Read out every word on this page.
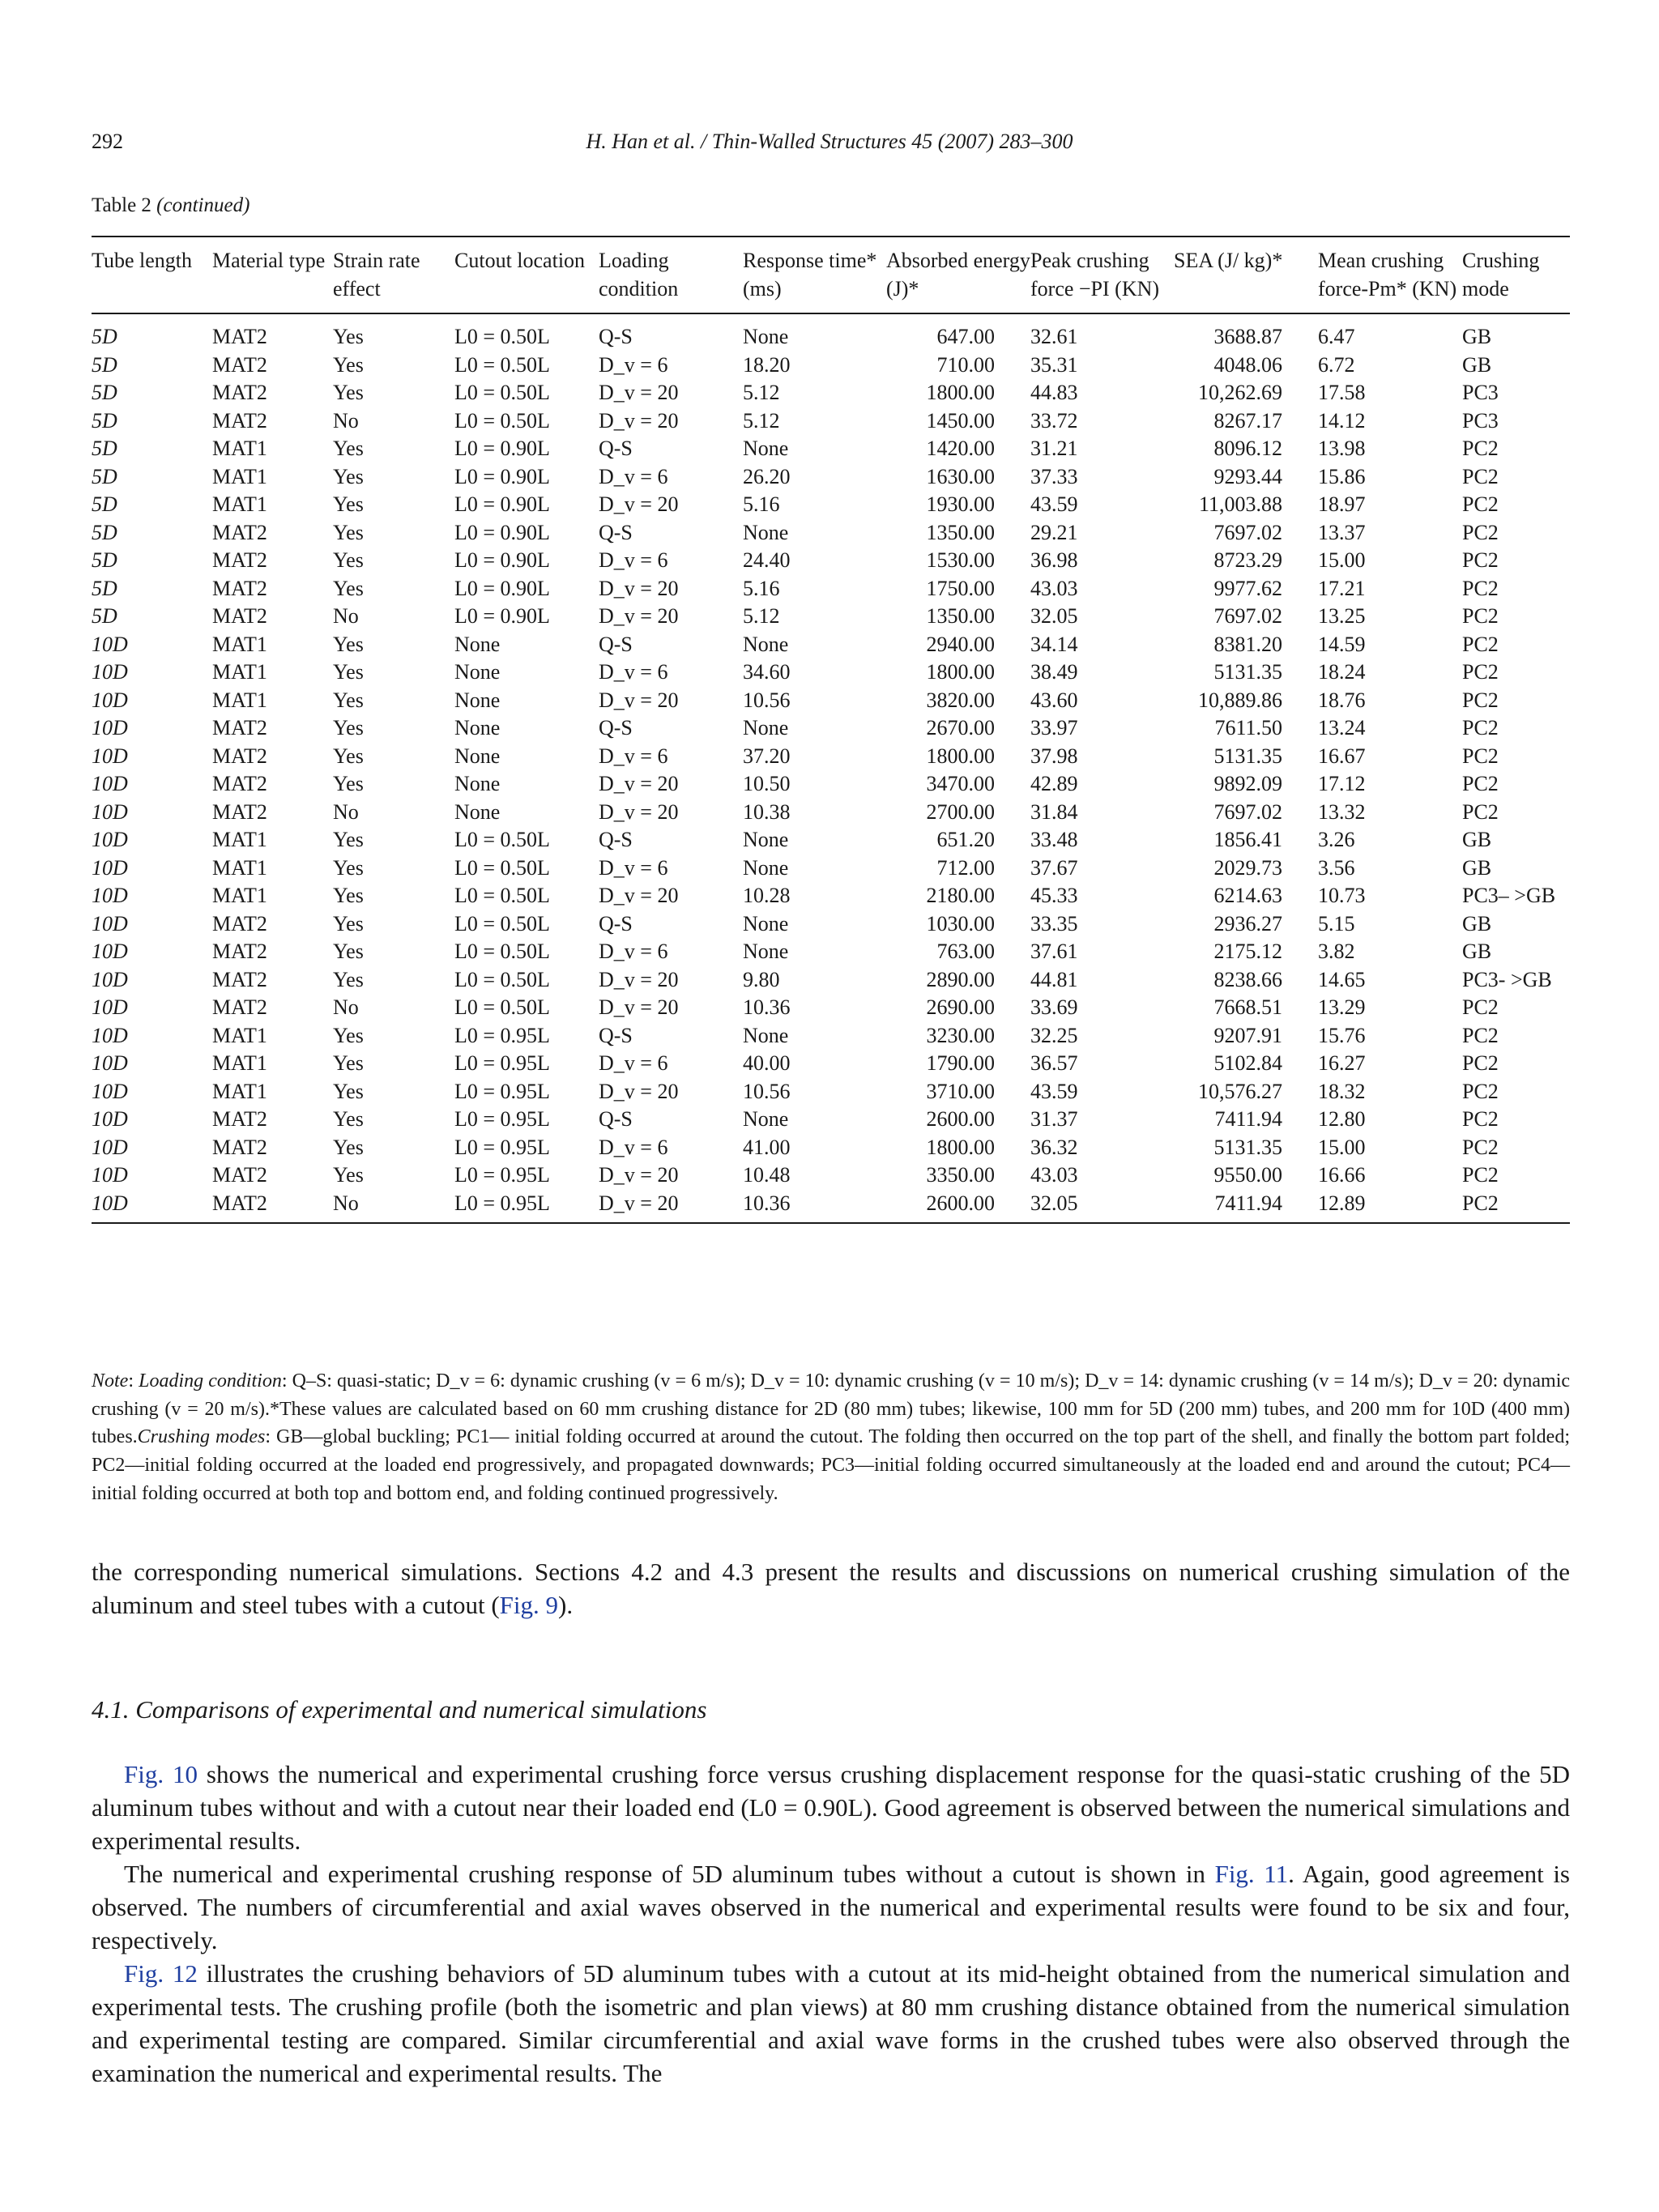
292	H. Han et al. / Thin-Walled Structures 45 (2007) 283–300
Table 2 (continued)
Tube length	Material type	Strain rate effect	Cutout location	Loading condition	Response time* (ms)	Absorbed energy (J)*	Peak crushing force −PI (KN)	SEA (J/ kg)*	Mean crushing force-Pm* (KN)	Crushing mode
5D	MAT2	Yes	L0 = 0.50L	Q-S	None	647.00	32.61	3688.87	6.47	GB
5D	MAT2	Yes	L0 = 0.50L	D_v = 6	18.20	710.00	35.31	4048.06	6.72	GB
5D	MAT2	Yes	L0 = 0.50L	D_v = 20	5.12	1800.00	44.83	10,262.69	17.58	PC3
5D	MAT2	No	L0 = 0.50L	D_v = 20	5.12	1450.00	33.72	8267.17	14.12	PC3
5D	MAT1	Yes	L0 = 0.90L	Q-S	None	1420.00	31.21	8096.12	13.98	PC2
5D	MAT1	Yes	L0 = 0.90L	D_v = 6	26.20	1630.00	37.33	9293.44	15.86	PC2
5D	MAT1	Yes	L0 = 0.90L	D_v = 20	5.16	1930.00	43.59	11,003.88	18.97	PC2
5D	MAT2	Yes	L0 = 0.90L	Q-S	None	1350.00	29.21	7697.02	13.37	PC2
5D	MAT2	Yes	L0 = 0.90L	D_v = 6	24.40	1530.00	36.98	8723.29	15.00	PC2
5D	MAT2	Yes	L0 = 0.90L	D_v = 20	5.16	1750.00	43.03	9977.62	17.21	PC2
5D	MAT2	No	L0 = 0.90L	D_v = 20	5.12	1350.00	32.05	7697.02	13.25	PC2
10D	MAT1	Yes	None	Q-S	None	2940.00	34.14	8381.20	14.59	PC2
10D	MAT1	Yes	None	D_v = 6	34.60	1800.00	38.49	5131.35	18.24	PC2
10D	MAT1	Yes	None	D_v = 20	10.56	3820.00	43.60	10,889.86	18.76	PC2
10D	MAT2	Yes	None	Q-S	None	2670.00	33.97	7611.50	13.24	PC2
10D	MAT2	Yes	None	D_v = 6	37.20	1800.00	37.98	5131.35	16.67	PC2
10D	MAT2	Yes	None	D_v = 20	10.50	3470.00	42.89	9892.09	17.12	PC2
10D	MAT2	No	None	D_v = 20	10.38	2700.00	31.84	7697.02	13.32	PC2
10D	MAT1	Yes	L0 = 0.50L	Q-S	None	651.20	33.48	1856.41	3.26	GB
10D	MAT1	Yes	L0 = 0.50L	D_v = 6	None	712.00	37.67	2029.73	3.56	GB
10D	MAT1	Yes	L0 = 0.50L	D_v = 20	10.28	2180.00	45.33	6214.63	10.73	PC3– >GB
10D	MAT2	Yes	L0 = 0.50L	Q-S	None	1030.00	33.35	2936.27	5.15	GB
10D	MAT2	Yes	L0 = 0.50L	D_v = 6	None	763.00	37.61	2175.12	3.82	GB
10D	MAT2	Yes	L0 = 0.50L	D_v = 20	9.80	2890.00	44.81	8238.66	14.65	PC3- >GB
10D	MAT2	No	L0 = 0.50L	D_v = 20	10.36	2690.00	33.69	7668.51	13.29	PC2
10D	MAT1	Yes	L0 = 0.95L	Q-S	None	3230.00	32.25	9207.91	15.76	PC2
10D	MAT1	Yes	L0 = 0.95L	D_v = 6	40.00	1790.00	36.57	5102.84	16.27	PC2
10D	MAT1	Yes	L0 = 0.95L	D_v = 20	10.56	3710.00	43.59	10,576.27	18.32	PC2
10D	MAT2	Yes	L0 = 0.95L	Q-S	None	2600.00	31.37	7411.94	12.80	PC2
10D	MAT2	Yes	L0 = 0.95L	D_v = 6	41.00	1800.00	36.32	5131.35	15.00	PC2
10D	MAT2	Yes	L0 = 0.95L	D_v = 20	10.48	3350.00	43.03	9550.00	16.66	PC2
10D	MAT2	No	L0 = 0.95L	D_v = 20	10.36	2600.00	32.05	7411.94	12.89	PC2
Note: Loading condition: Q–S: quasi-static; D_v = 6: dynamic crushing (v = 6 m/s); D_v = 10: dynamic crushing (v = 10 m/s); D_v = 14: dynamic crushing (v = 14 m/s); D_v = 20: dynamic crushing (v = 20 m/s).*These values are calculated based on 60 mm crushing distance for 2D (80 mm) tubes; likewise, 100 mm for 5D (200 mm) tubes, and 200 mm for 10D (400 mm) tubes.Crushing modes: GB—global buckling; PC1— initial folding occurred at around the cutout. The folding then occurred on the top part of the shell, and finally the bottom part folded; PC2—initial folding occurred at the loaded end progressively, and propagated downwards; PC3—initial folding occurred simultaneously at the loaded end and around the cutout; PC4—initial folding occurred at both top and bottom end, and folding continued progressively.
the corresponding numerical simulations. Sections 4.2 and 4.3 present the results and discussions on numerical crushing simulation of the aluminum and steel tubes with a cutout (Fig. 9).
4.1. Comparisons of experimental and numerical simulations
Fig. 10 shows the numerical and experimental crushing force versus crushing displacement response for the quasi-static crushing of the 5D aluminum tubes without and with a cutout near their loaded end (L0 = 0.90L). Good agreement is observed between the numerical simulations and experimental results.
The numerical and experimental crushing response of 5D aluminum tubes without a cutout is shown in Fig. 11. Again, good agreement is observed. The numbers of circumferential and axial waves observed in the numerical and experimental results were found to be six and four, respectively.
Fig. 12 illustrates the crushing behaviors of 5D aluminum tubes with a cutout at its mid-height obtained from the numerical simulation and experimental tests. The crushing profile (both the isometric and plan views) at 80 mm crushing distance obtained from the numerical simulation and experimental testing are compared. Similar circumferential and axial wave forms in the crushed tubes were also observed through the examination the numerical and experimental results. The
